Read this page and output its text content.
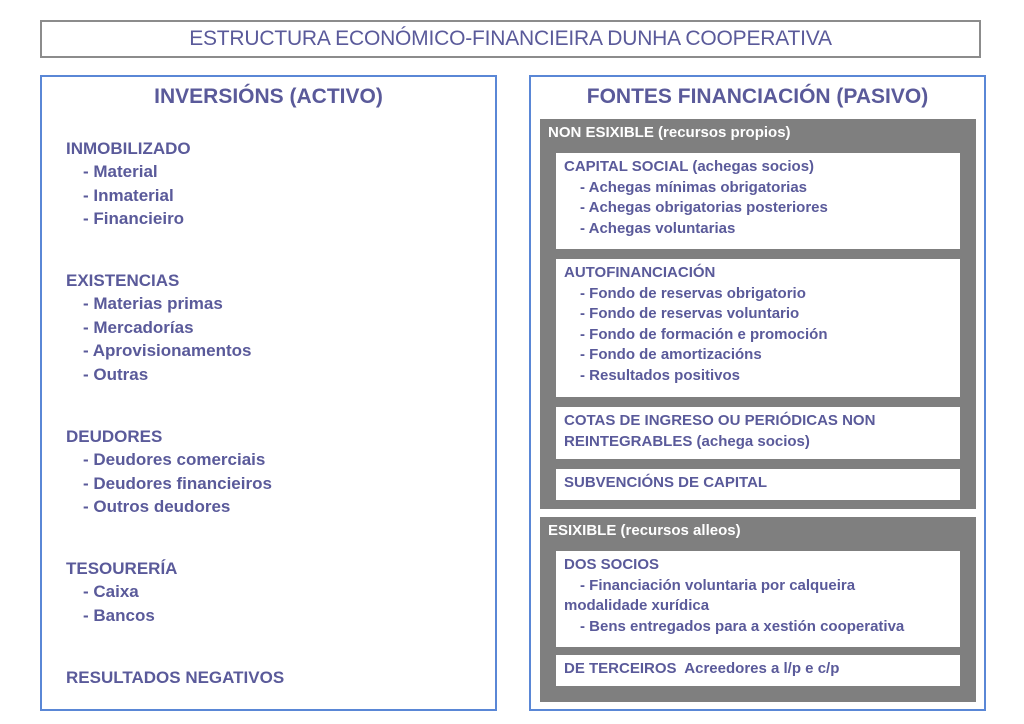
ESTRUCTURA ECONÓMICO-FINANCIEIRA DUNHA COOPERATIVA
INVERSIÓNS (ACTIVO)
INMOBILIZADO
- Material
- Inmaterial
- Financieiro
EXISTENCIAS
- Materias primas
- Mercadorías
- Aprovisionamentos
- Outras
DEUDORES
- Deudores comerciais
- Deudores financieiros
- Outros deudores
TESOURERÍA
- Caixa
- Bancos
RESULTADOS NEGATIVOS
FONTES FINANCIACIÓN (PASIVO)
NON ESIXIBLE (recursos propios)
CAPITAL SOCIAL (achegas socios)
- Achegas mínimas obrigatorias
- Achegas obrigatorias posteriores
- Achegas voluntarias
AUTOFINANCIACIÓN
- Fondo de reservas obrigatorio
- Fondo de reservas voluntario
- Fondo de formación e promoción
- Fondo de amortizacións
- Resultados positivos
COTAS DE INGRESO OU PERIÓDICAS NON
REINTEGRABLES (achega socios)
SUBVENCIÓNS DE CAPITAL
ESIXIBLE (recursos alleos)
DOS SOCIOS
- Financiación voluntaria por calqueira
modalidade xurídica
- Bens entregados para a xestión cooperativa
DE TERCEIROS  Acreedores a l/p e c/p
